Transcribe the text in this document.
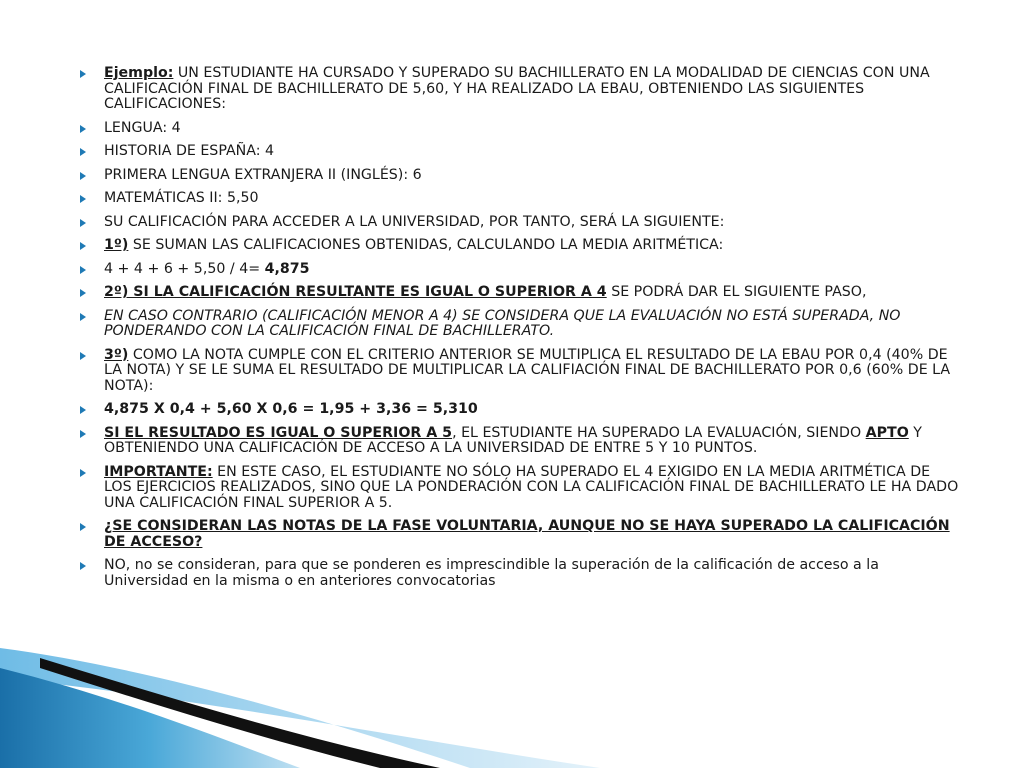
Ejemplo: UN ESTUDIANTE HA CURSADO Y SUPERADO SU BACHILLERATO EN LA MODALIDAD DE CIENCIAS CON UNA CALIFICACIÓN FINAL DE BACHILLERATO DE 5,60, Y HA REALIZADO LA EBAU, OBTENIENDO LAS SIGUIENTES CALIFICACIONES:
LENGUA: 4
HISTORIA DE ESPAÑA: 4
PRIMERA LENGUA EXTRANJERA II (INGLÉS): 6
MATEMÁTICAS II: 5,50
SU CALIFICACIÓN PARA ACCEDER A LA UNIVERSIDAD, POR TANTO, SERÁ LA SIGUIENTE:
1º) SE SUMAN LAS CALIFICACIONES OBTENIDAS, CALCULANDO LA MEDIA ARITMÉTICA:
4 + 4 + 6 + 5,50 / 4= 4,875
2º) SI LA CALIFICACIÓN RESULTANTE ES IGUAL O SUPERIOR A 4 SE PODRÁ DAR EL SIGUIENTE PASO,
EN CASO CONTRARIO (CALIFICACIÓN MENOR A 4) SE CONSIDERA QUE LA EVALUACIÓN NO ESTÁ SUPERADA, NO PONDERANDO CON LA CALIFICACIÓN FINAL DE BACHILLERATO.
3º) COMO LA NOTA CUMPLE CON EL CRITERIO ANTERIOR SE MULTIPLICA EL RESULTADO DE LA EBAU POR 0,4 (40% DE LA NOTA) Y SE LE SUMA EL RESULTADO DE MULTIPLICAR LA CALIFIACIÓN FINAL DE BACHILLERATO POR 0,6 (60% DE LA NOTA):
4,875 X 0,4 + 5,60 X 0,6 = 1,95 + 3,36 = 5,310
SI EL RESULTADO ES IGUAL O SUPERIOR A 5, EL ESTUDIANTE HA SUPERADO LA EVALUACIÓN, SIENDO APTO Y OBTENIENDO UNA CALIFICACIÓN DE ACCESO A LA UNIVERSIDAD DE ENTRE 5 Y 10 PUNTOS.
IMPORTANTE: EN ESTE CASO, EL ESTUDIANTE NO SÓLO HA SUPERADO EL 4 EXIGIDO EN LA MEDIA ARITMÉTICA DE LOS EJERCICIOS REALIZADOS, SINO QUE LA PONDERACIÓN CON LA CALIFICACIÓN FINAL DE BACHILLERATO LE HA DADO UNA CALIFICACIÓN FINAL SUPERIOR A 5.
¿SE CONSIDERAN LAS NOTAS DE LA FASE VOLUNTARIA, AUNQUE NO SE HAYA SUPERADO LA CALIFICACIÓN DE ACCESO?
NO, no se consideran, para que se ponderen es imprescindible la superación de la calificación de acceso a la Universidad en la misma o en anteriores convocatorias
